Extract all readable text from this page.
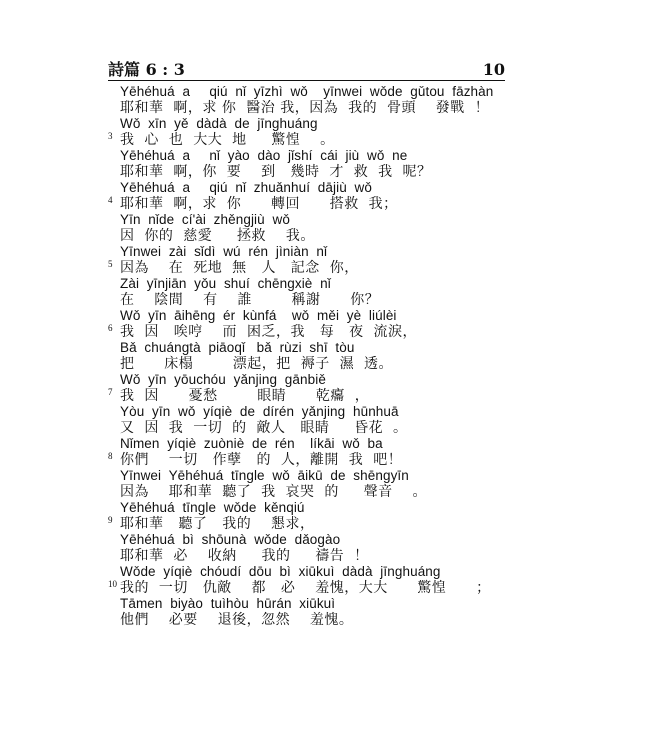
詩篇 6 : 3	10
Yēhéhuá  a     qiú  nǐ  yīzhì  wǒ    yīnwei  wǒde  gǔtou  fāzhàn
耶和華  啊，求 你  醫治 我，因為  我的  骨頭    發戰  ！
Wǒ  xīn  yě  dàdà  de  jīnghuáng
我  心  也  大大  地     驚惶    。
3
Yēhéhuá  a     nǐ  yào  dào  jǐshí  cái  jiù  wǒ  ne
耶和華  啊，你  要    到   幾時  才  救  我  呢？
Yēhéhuá  a     qiú  nǐ  zhuǎnhuí  dājiù  wǒ
耶和華  啊，求  你      轉回      搭救  我；
4
Yīn  nǐde  cí'ài  zhěngjiù  wǒ
因  你的  慈愛     拯救    我。
Yīnwei  zài  sǐdì  wú  rén  jìniàn  nǐ
因為    在  死地  無   人   記念  你，
5
Zài  yīnjiān  yǒu  shuí  chēngxiè  nǐ
在    陰間    有    誰        稱謝      你？
Wǒ  yīn  āihēng  ér  kùnfá    wǒ  měi  yè  liúlèi
我  因   唉哼    而  困乏，我   每   夜  流淚，
6
Bǎ  chuángtà  piāoqǐ   bǎ  rùzi  shī  tòu
把      床榻        漂起，把  褥子  濕  透。
Wǒ  yīn  yōuchóu  yǎnjing  gānbiě
我  因      憂愁        眼睛      乾癟  ，
7
Yòu  yīn  wǒ  yíqiè  de  dírén  yǎnjing  hūnhuā
又  因  我  一切  的  敵人   眼睛     昏花  。
Nǐmen  yíqiè  zuòniè  de  rén    líkāi  wǒ  ba
你們    一切   作孽   的  人，離開  我  吧！
8
Yīnwei  Yēhéhuá  tīngle  wǒ  āikū  de  shēngyīn
因為    耶和華  聽了  我  哀哭  的     聲音    。
Yēhéhuá  tīngle  wǒde  kěnqiú
耶和華   聽了   我的    懇求，
9
Yēhéhuá  bì  shōunà  wǒde  dǎogào
耶和華  必    收納     我的     禱告  ！
Wǒde  yíqiè  chóudí  dōu  bì  xiūkuì  dàdà  jīnghuáng
我的  一切   仇敵    都   必    羞愧，大大      驚惶      ；
10
Tāmen  biyào  tuìhòu  hūrán  xiūkuì
他們    必要    退後，忽然    羞愧。
